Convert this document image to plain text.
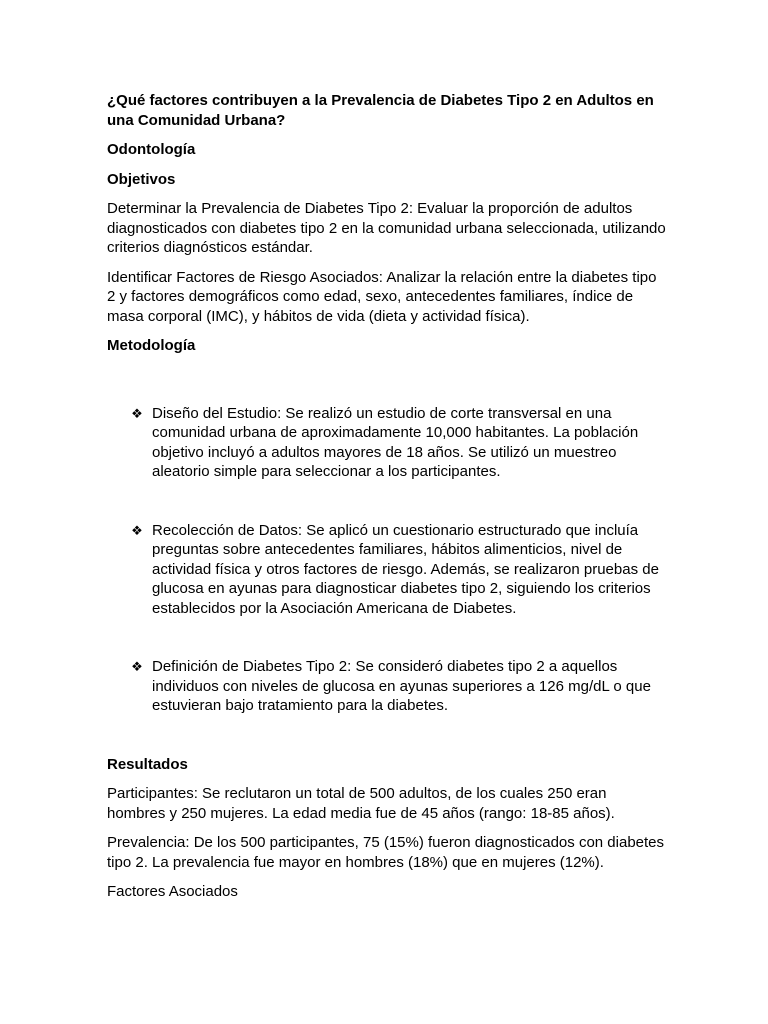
¿Qué factores contribuyen a la Prevalencia de Diabetes Tipo 2 en Adultos en una Comunidad Urbana?

Odontología

Objetivos

Determinar la Prevalencia de Diabetes Tipo 2: Evaluar la proporción de adultos diagnosticados con diabetes tipo 2 en la comunidad urbana seleccionada, utilizando criterios diagnósticos estándar.

Identificar Factores de Riesgo Asociados: Analizar la relación entre la diabetes tipo 2 y factores demográficos como edad, sexo, antecedentes familiares, índice de masa corporal (IMC), y hábitos de vida (dieta y actividad física).

Metodología

❖ Diseño del Estudio: Se realizó un estudio de corte transversal en una comunidad urbana de aproximadamente 10,000 habitantes. La población objetivo incluyó a adultos mayores de 18 años. Se utilizó un muestreo aleatorio simple para seleccionar a los participantes.

❖ Recolección de Datos: Se aplicó un cuestionario estructurado que incluía preguntas sobre antecedentes familiares, hábitos alimenticios, nivel de actividad física y otros factores de riesgo. Además, se realizaron pruebas de glucosa en ayunas para diagnosticar diabetes tipo 2, siguiendo los criterios establecidos por la Asociación Americana de Diabetes.

❖ Definición de Diabetes Tipo 2: Se consideró diabetes tipo 2 a aquellos individuos con niveles de glucosa en ayunas superiores a 126 mg/dL o que estuvieran bajo tratamiento para la diabetes.

Resultados

Participantes: Se reclutaron un total de 500 adultos, de los cuales 250 eran hombres y 250 mujeres. La edad media fue de 45 años (rango: 18-85 años).

Prevalencia: De los 500 participantes, 75 (15%) fueron diagnosticados con diabetes tipo 2. La prevalencia fue mayor en hombres (18%) que en mujeres (12%).

Factores Asociados
